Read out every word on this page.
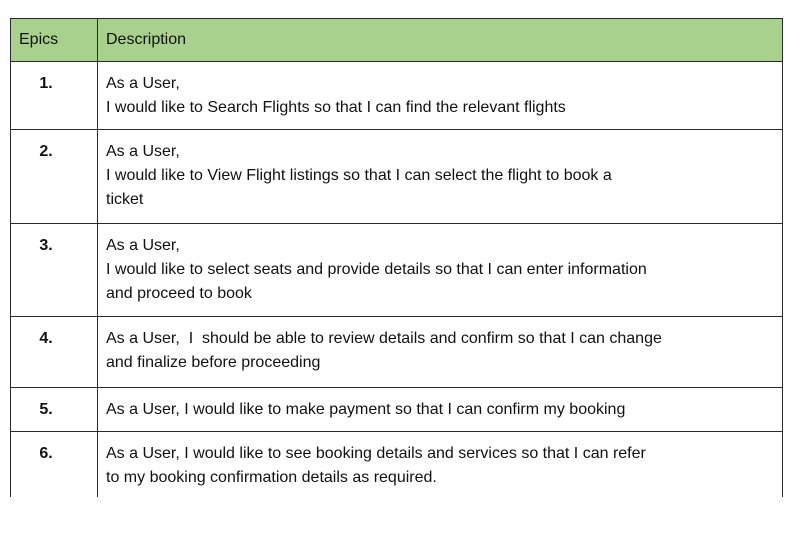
Epics	Description
1.	As a User,
I would like to Search Flights so that I can find the relevant flights

2.	As a User,
I would like to View Flight listings so that I can select the flight to book a
ticket

3.	As a User,
I would like to select seats and provide details so that I can enter information
and proceed to book

4.	As a User,  I  should be able to review details and confirm so that I can change
and finalize before proceeding

5.	As a User, I would like to make payment so that I can confirm my booking

6.	As a User, I would like to see booking details and services so that I can refer
to my booking confirmation details as required.
